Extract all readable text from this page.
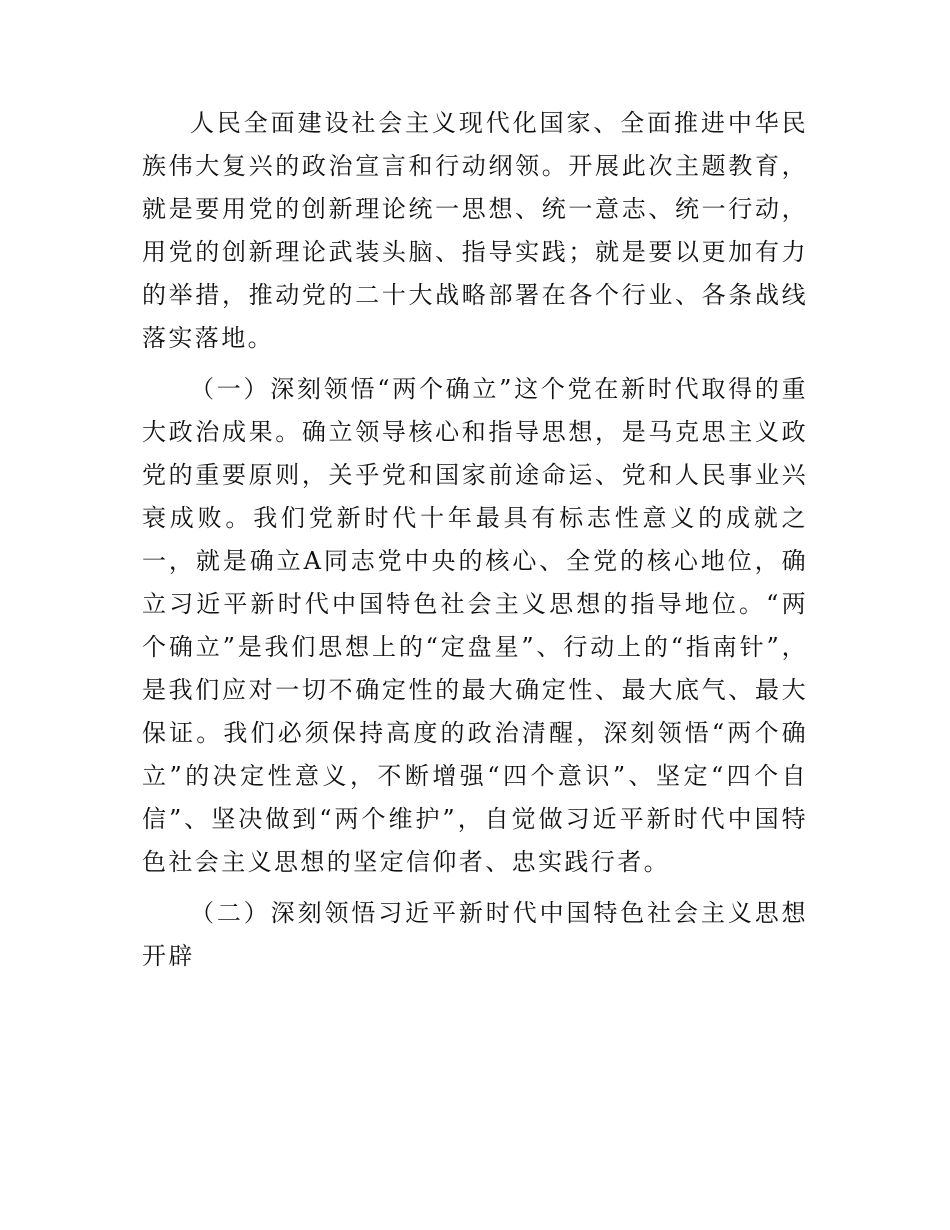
人民全面建设社会主义现代化国家、全面推进中华民族伟大复兴的政治宣言和行动纲领。开展此次主题教育，就是要用党的创新理论统一思想、统一意志、统一行动，用党的创新理论武装头脑、指导实践；就是要以更加有力的举措，推动党的二十大战略部署在各个行业、各条战线落实落地。

（一）深刻领悟“两个确立”这个党在新时代取得的重大政治成果。确立领导核心和指导思想，是马克思主义政党的重要原则，关乎党和国家前途命运、党和人民事业兴衰成败。我们党新时代十年最具有标志性意义的成就之一，就是确立A同志党中央的核心、全党的核心地位，确立习近平新时代中国特色社会主义思想的指导地位。“两个确立”是我们思想上的“定盘星”、行动上的“指南针”，是我们应对一切不确定性的最大确定性、最大底气、最大保证。我们必须保持高度的政治清醒，深刻领悟“两个确立”的决定性意义，不断增强“四个意识”、坚定“四个自信”、坚决做到“两个维护”，自觉做习近平新时代中国特色社会主义思想的坚定信仰者、忠实践行者。

（二）深刻领悟习近平新时代中国特色社会主义思想开辟
